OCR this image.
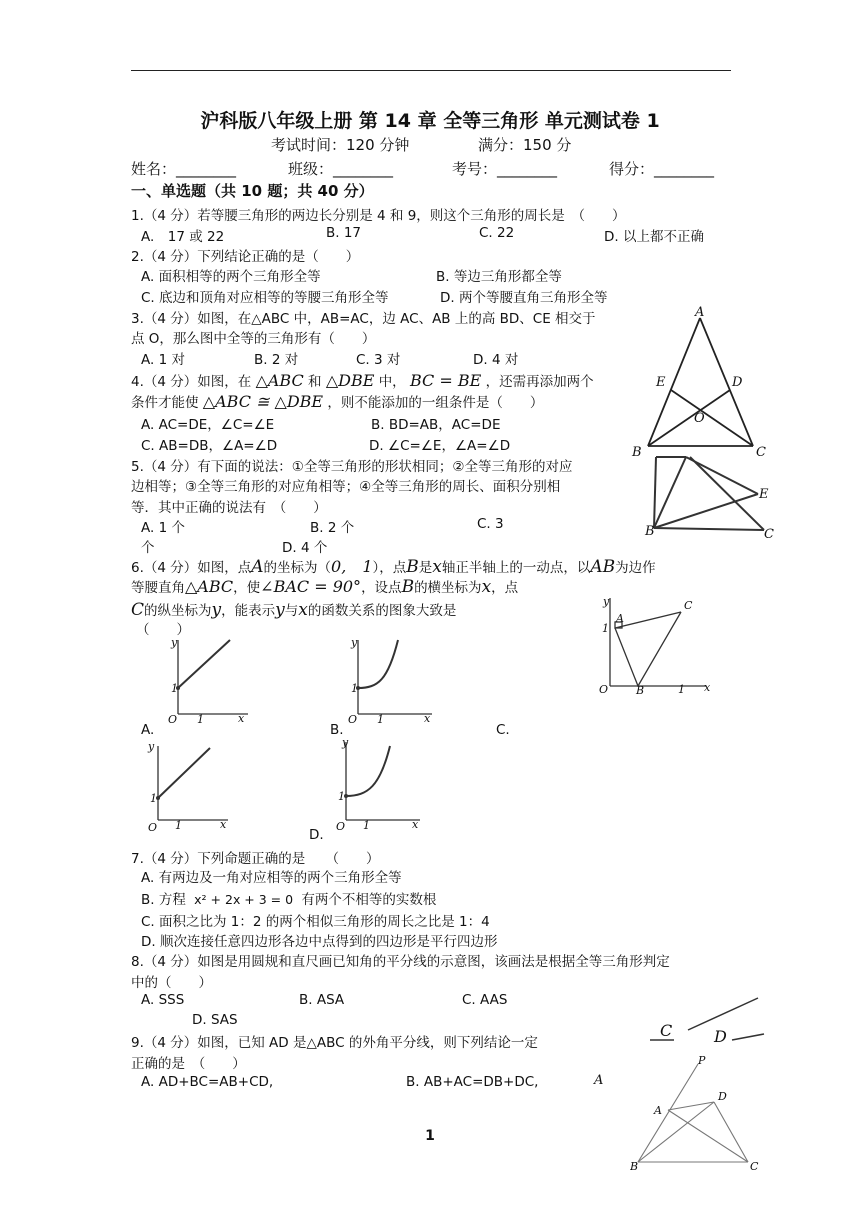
沪科版八年级上册 第 14 章 全等三角形 单元测试卷 1
考试时间：120 分钟	满分：150 分
姓名：________	班级：________	考号：________	得分：________
一、单选题（共 10 题；共 40 分）
1.（4 分）若等腰三角形的两边长分别是 4 和 9，则这个三角形的周长是　（　　）
A.　17 或 22	B. 17	C. 22	D. 以上都不正确
2.（4 分）下列结论正确的是（　　）
A. 面积相等的两个三角形全等	B. 等边三角形都全等
C. 底边和顶角对应相等的等腰三角形全等	D. 两个等腰直角三角形全等
3.（4 分）如图，在△ABC 中，AB=AC，边 AC、AB 上的高 BD、CE 相交于
点 O，那么图中全等的三角形有（　　）
A. 1 对	B. 2 对	C. 3 对	D. 4 对
A
B	C
D
E
O
4.（4 分）如图，在 △ABC 和 △DBE 中， BC = BE ，还需再添加两个
条件才能使 △ABC ≅ △DBE ，则不能添加的一组条件是（　　）
A. AC=DE，∠C=∠E	B. BD=AB，AC=DE
C. AB=DB，∠A=∠D	D. ∠C=∠E，∠A=∠D
5.（4 分）有下面的说法：①全等三角形的形状相同；②全等三角形的对应
边相等；③全等三角形的对应角相等；④全等三角形的周长、面积分别相
等．其中正确的说法有　（　　）
A. 1 个	B. 2 个	C. 3
个	D. 4 个
B	C
E
6.（4 分）如图，点A的坐标为（0,　1），点B是x轴正半轴上的一动点，以AB为边作
等腰直角△ABC，使∠BAC = 90°，设点B的横坐标为x，点
C的纵坐标为y，能表示y与x的函数关系的图象大致是
（　　）
y
x
1
O
A
B
C
1
y
x
O 1
1
A.
y
x
O 1
1
B.	C.
y
x
O 1
1
y
x
O 1
1
D.
7.（4 分）下列命题正确的是　　（　　）
A. 有两边及一角对应相等的两个三角形全等
B. 方程 x² + 2x + 3 = 0 有两个不相等的实数根
C. 面积之比为 1：2 的两个相似三角形的周长之比是 1：4
D. 顺次连接任意四边形各边中点得到的四边形是平行四边形
8.（4 分）如图是用圆规和直尺画已知角的平分线的示意图，该画法是根据全等三角形判定
中的（　　）
A. SSS	B. ASA	C. AAS
D. SAS
C	D
9.（4 分）如图，已知 AD 是△ABC 的外角平分线，则下列结论一定
正确的是　（　　）
A. AD+BC=AB+CD,	B. AB+AC=DB+DC,	A
P
A
D
B	C
1
